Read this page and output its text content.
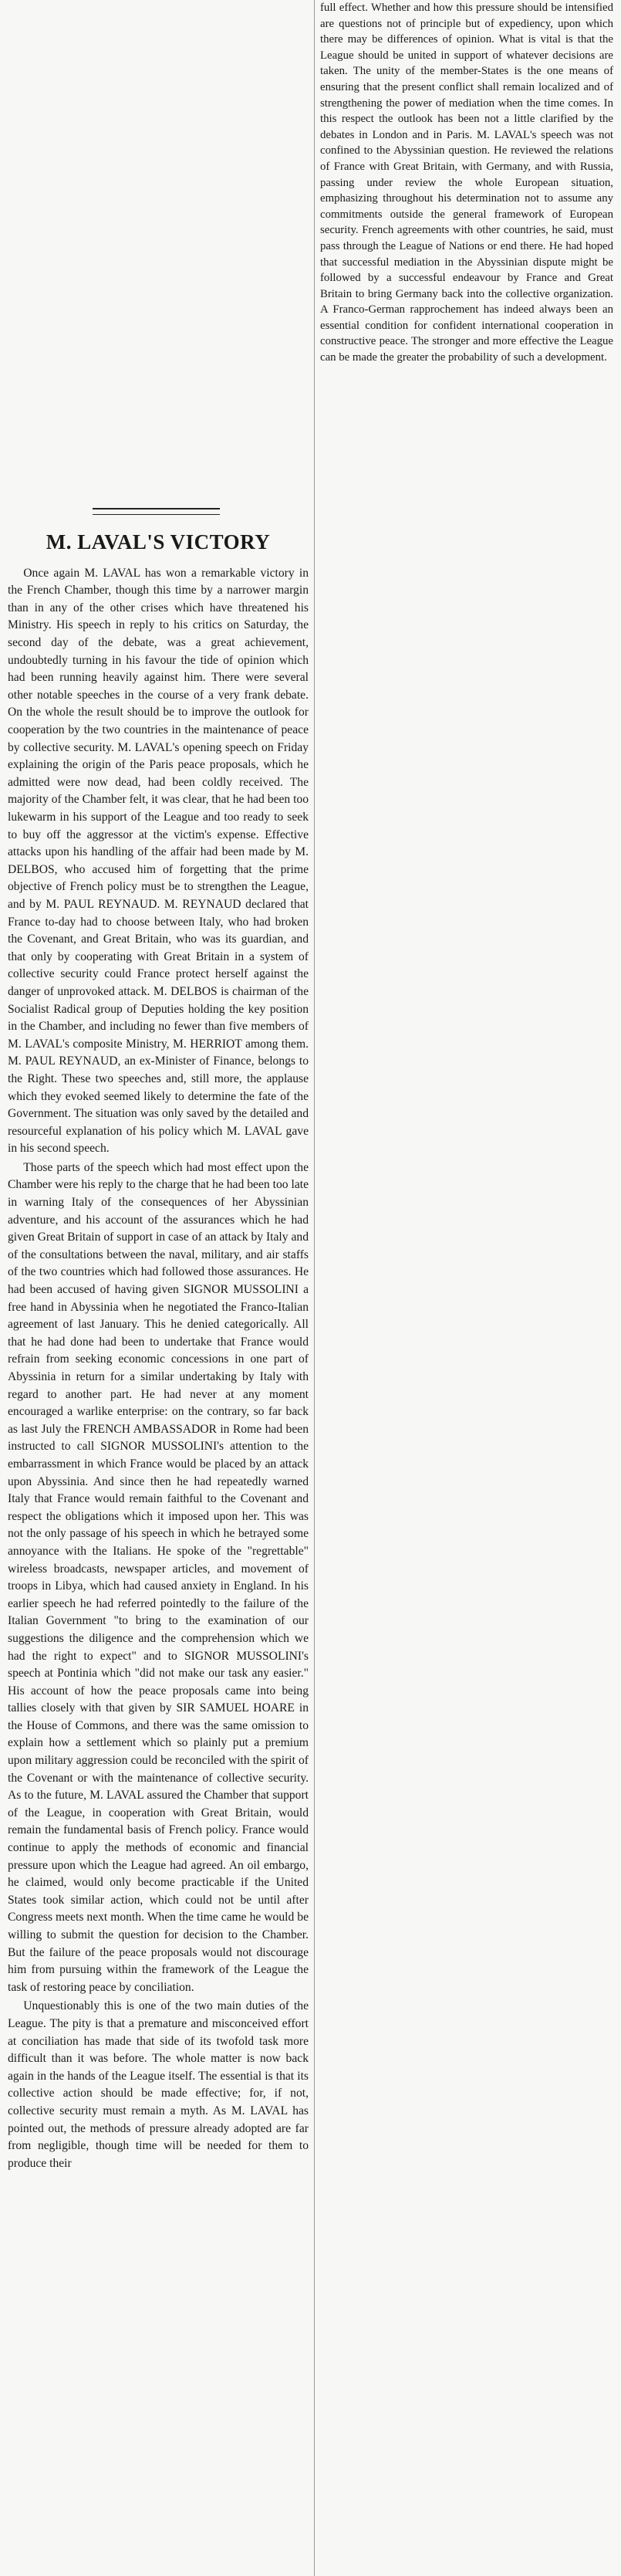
full effect. Whether and how this pressure should be intensified are questions not of principle but of expediency, upon which there may be differences of opinion. What is vital is that the League should be united in support of whatever decisions are taken. The unity of the member-States is the one means of ensuring that the present conflict shall remain localized and of strengthening the power of mediation when the time comes. In this respect the outlook has been not a little clarified by the debates in London and in Paris. M. LAVAL's speech was not confined to the Abyssinian question. He reviewed the relations of France with Great Britain, with Germany, and with Russia, passing under review the whole European situation, emphasizing throughout his determination not to assume any commitments outside the general framework of European security. French agreements with other countries, he said, must pass through the League of Nations or end there. He had hoped that successful mediation in the Abyssinian dispute might be followed by a successful endeavour by France and Great Britain to bring Germany back into the collective organization. A Franco-German rapprochement has indeed always been an essential condition for confident international cooperation in constructive peace. The stronger and more effective the League can be made the greater the probability of such a development.

M. LAVAL'S VICTORY

Once again M. LAVAL has won a remarkable victory in the French Chamber, though this time by a narrower margin than in any of the other crises which have threatened his Ministry. His speech in reply to his critics on Saturday, the second day of the debate, was a great achievement, undoubtedly turning in his favour the tide of opinion which had been running heavily against him. There were several other notable speeches in the course of a very frank debate. On the whole the result should be to improve the outlook for cooperation by the two countries in the maintenance of peace by collective security. M. LAVAL's opening speech on Friday explaining the origin of the Paris peace proposals, which he admitted were now dead, had been coldly received. The majority of the Chamber felt, it was clear, that he had been too lukewarm in his support of the League and too ready to seek to buy off the aggressor at the victim's expense. Effective attacks upon his handling of the affair had been made by M. DELBOS, who accused him of forgetting that the prime objective of French policy must be to strengthen the League, and by M. PAUL REYNAUD. M. REYNAUD declared that France to-day had to choose between Italy, who had broken the Covenant, and Great Britain, who was its guardian, and that only by cooperating with Great Britain in a system of collective security could France protect herself against the danger of unprovoked attack. M. DELBOS is chairman of the Socialist Radical group of Deputies holding the key position in the Chamber, and including no fewer than five members of M. LAVAL's composite Ministry, M. HERRIOT among them. M. PAUL REYNAUD, an ex-Minister of Finance, belongs to the Right. These two speeches and, still more, the applause which they evoked seemed likely to determine the fate of the Government. The situation was only saved by the detailed and resourceful explanation of his policy which M. LAVAL gave in his second speech.

Those parts of the speech which had most effect upon the Chamber were his reply to the charge that he had been too late in warning Italy of the consequences of her Abyssinian adventure, and his account of the assurances which he had given Great Britain of support in case of an attack by Italy and of the consultations between the naval, military, and air staffs of the two countries which had followed those assurances. He had been accused of having given SIGNOR MUSSOLINI a free hand in Abyssinia when he negotiated the Franco-Italian agreement of last January. This he denied categorically. All that he had done had been to undertake that France would refrain from seeking economic concessions in one part of Abyssinia in return for a similar undertaking by Italy with regard to another part. He had never at any moment encouraged a warlike enterprise: on the contrary, so far back as last July the FRENCH AMBASSADOR in Rome had been instructed to call SIGNOR MUSSOLINI's attention to the embarrassment in which France would be placed by an attack upon Abyssinia. And since then he had repeatedly warned Italy that France would remain faithful to the Covenant and respect the obligations which it imposed upon her. This was not the only passage of his speech in which he betrayed some annoyance with the Italians. He spoke of the "regrettable" wireless broadcasts, newspaper articles, and movement of troops in Libya, which had caused anxiety in England. In his earlier speech he had referred pointedly to the failure of the Italian Government "to bring to the examination of our suggestions the diligence and the comprehension which we had the right to expect" and to SIGNOR MUSSOLINI's speech at Pontinia which "did not make our task any easier." His account of how the peace proposals came into being tallies closely with that given by SIR SAMUEL HOARE in the House of Commons, and there was the same omission to explain how a settlement which so plainly put a premium upon military aggression could be reconciled with the spirit of the Covenant or with the maintenance of collective security. As to the future, M. LAVAL assured the Chamber that support of the League, in cooperation with Great Britain, would remain the fundamental basis of French policy. France would continue to apply the methods of economic and financial pressure upon which the League had agreed. An oil embargo, he claimed, would only become practicable if the United States took similar action, which could not be until after Congress meets next month. When the time came he would be willing to submit the question for decision to the Chamber. But the failure of the peace proposals would not discourage him from pursuing within the framework of the League the task of restoring peace by conciliation.

Unquestionably this is one of the two main duties of the League. The pity is that a premature and misconceived effort at conciliation has made that side of its twofold task more difficult than it was before. The whole matter is now back again in the hands of the League itself. The essential is that its collective action should be made effective; for, if not, collective security must remain a myth. As M. LAVAL has pointed out, the methods of pressure already adopted are far from negligible, though time will be needed for them to produce their
